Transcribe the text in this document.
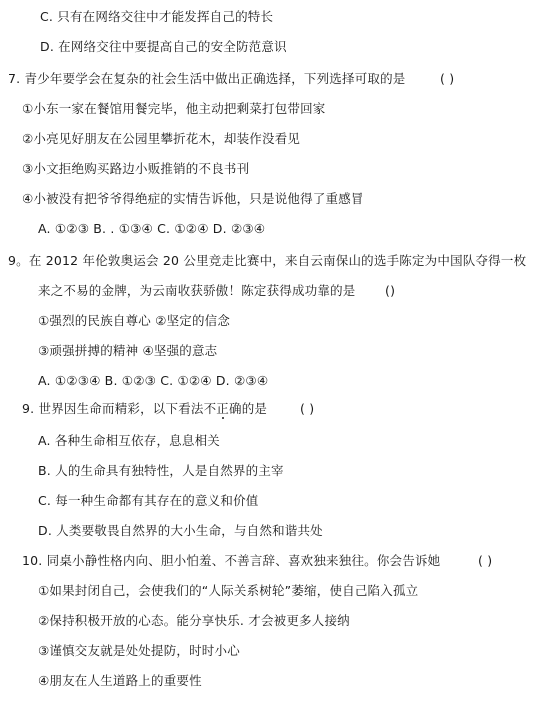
C. 只有在网络交往中才能发挥自己的特长
D. 在网络交往中要提高自己的安全防范意识
7. 青少年要学会在复杂的社会生活中做出正确选择，下列选择可取的是	( )
①小东一家在餐馆用餐完毕，他主动把剩菜打包带回家
②小亮见好朋友在公园里攀折花木，却装作没看见
③小文拒绝购买路边小贩推销的不良书刊
④小被没有把爷爷得绝症的实情告诉他，只是说他得了重感冒
A. ①②③ B. . ①③④ C. ①②④ D. ②③④
9。在 2012 年伦敦奥运会 20 公里竞走比赛中，来自云南保山的选手陈定为中国队夺得一枚
来之不易的金牌，为云南收获骄傲！陈定获得成功靠的是 ()
①强烈的民族自尊心 ②坚定的信念
③顽强拼搏的精神 ④坚强的意志
A. ①②③④ B. ①②③ C. ①②④ D. ②③④
9. 世界因生命而精彩，以下看法不正确的是	( )
A. 各种生命相互依存，息息相关
B. 人的生命具有独特性，人是自然界的主宰
C. 每一种生命都有其存在的意义和价值
D. 人类要敬畏自然界的大小生命，与自然和谐共处
10. 同桌小静性格内向、胆小怕羞、不善言辞、喜欢独来独往。你会告诉她	( )
①如果封闭自己，会使我们的“人际关系树轮”萎缩，使自己陷入孤立
②保持积极开放的心态。能分享快乐. 才会被更多人接纳
③谨慎交友就是处处提防，时时小心
④朋友在人生道路上的重要性
